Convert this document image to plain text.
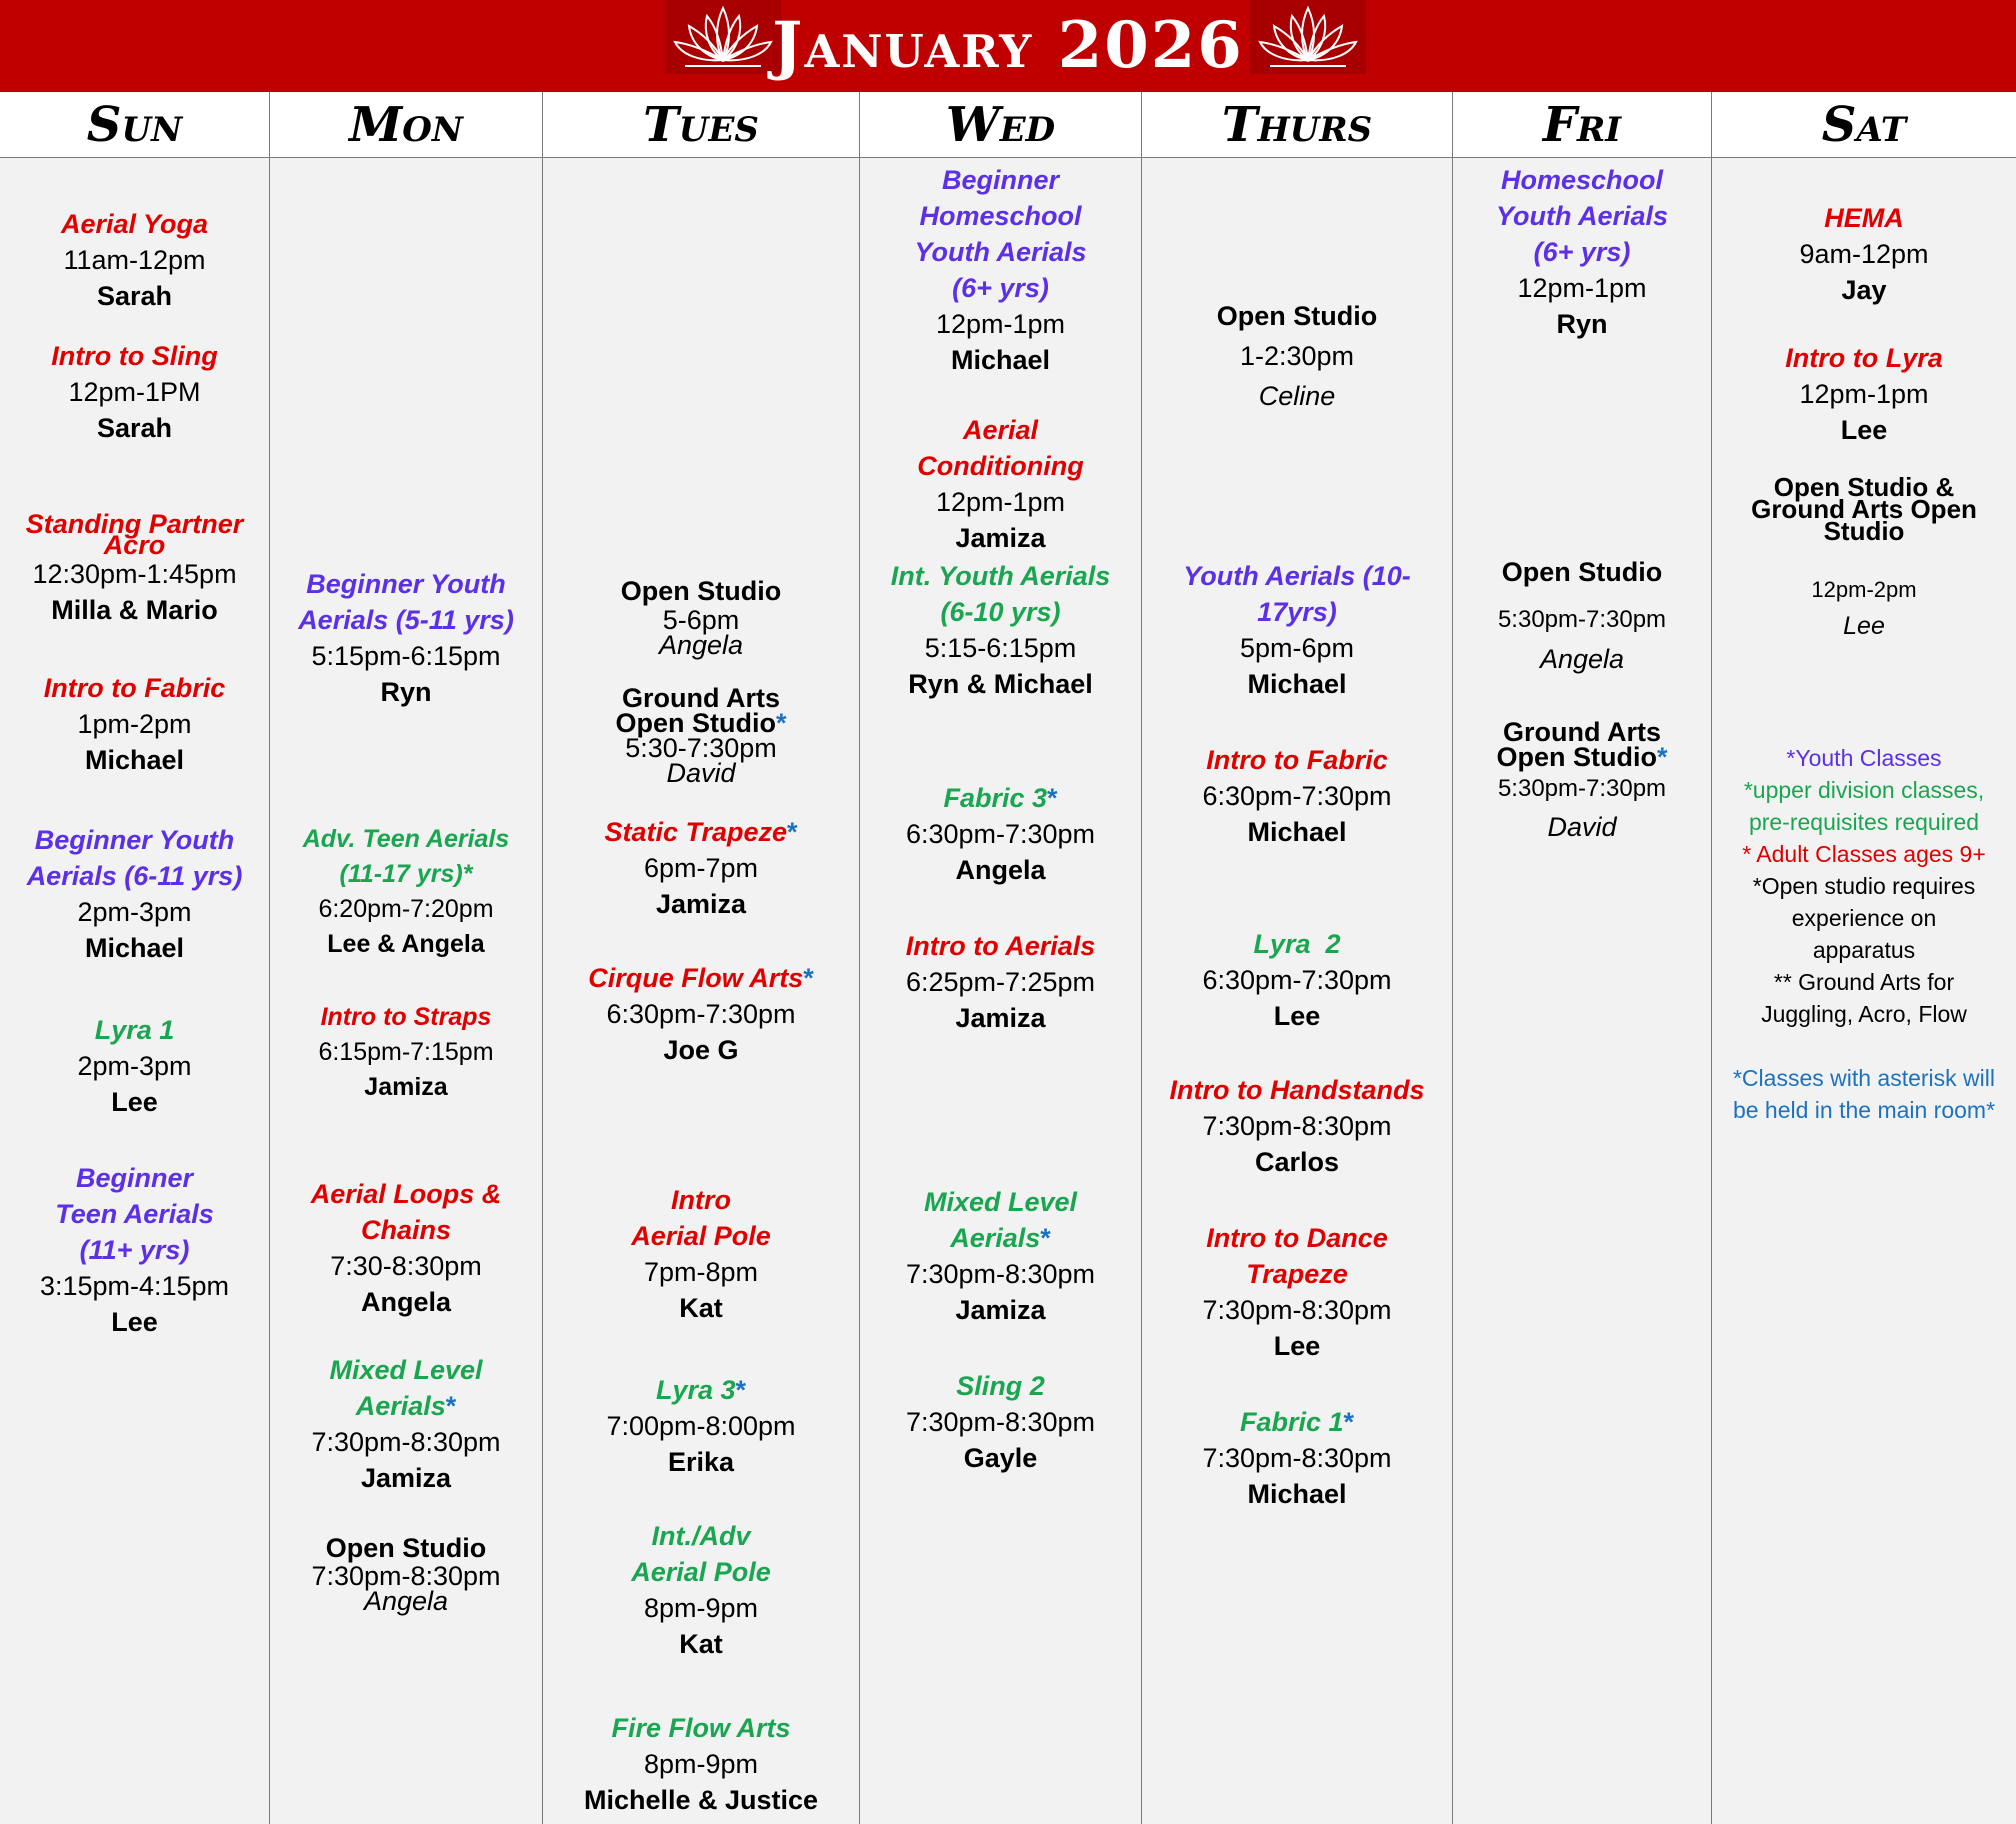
January 2026
Sun
Aerial Yoga
11am-12pm
Sarah
Intro to Sling
12pm-1PM
Sarah
Standing Partner Acro
12:30pm-1:45pm
Milla & Mario
Intro to Fabric
1pm-2pm
Michael
Beginner Youth Aerials (6-11 yrs)
2pm-3pm
Michael
Lyra 1
2pm-3pm
Lee
Beginner Teen Aerials
(11+ yrs)
3:15pm-4:15pm
Lee
Mon
Beginner Youth Aerials (5-11 yrs)
5:15pm-6:15pm
Ryn
Adv. Teen Aerials (11-17 yrs)*
6:20pm-7:20pm
Lee & Angela
Intro to Straps
6:15pm-7:15pm
Jamiza
Aerial Loops & Chains
7:30-8:30pm
Angela
Mixed Level Aerials*
7:30pm-8:30pm
Jamiza
Open Studio
7:30pm-8:30pm
Angela
Tues
Open Studio
5-6pm
Angela
Ground Arts
Open Studio*
5:30-7:30pm
David
Static Trapeze*
6pm-7pm
Jamiza
Cirque Flow Arts*
6:30pm-7:30pm
Joe G
Intro
Aerial Pole
7pm-8pm
Kat
Lyra 3*
7:00pm-8:00pm
Erika
Int./Adv
Aerial Pole
8pm-9pm
Kat
Fire Flow Arts
8pm-9pm
Michelle & Justice
Wed
Beginner Homeschool Youth Aerials
(6+ yrs)
12pm-1pm
Michael
Aerial
Conditioning
12pm-1pm
Jamiza
Int. Youth Aerials (6-10 yrs)
5:15-6:15pm
Ryn & Michael
Fabric 3*
6:30pm-7:30pm
Angela
Intro to Aerials
6:25pm-7:25pm
Jamiza
Mixed Level Aerials*
7:30pm-8:30pm
Jamiza
Sling 2
7:30pm-8:30pm
Gayle
Thurs
Open Studio
1-2:30pm
Celine
Youth Aerials (10-17yrs)
5pm-6pm
Michael
Intro to Fabric
6:30pm-7:30pm
Michael
Lyra  2
6:30pm-7:30pm
Lee
Intro to Handstands
7:30pm-8:30pm
Carlos
Intro to Dance
Trapeze
7:30pm-8:30pm
Lee
Fabric 1*
7:30pm-8:30pm
Michael
Fri
Homeschool Youth Aerials
(6+ yrs)
12pm-1pm
Ryn
Open Studio
5:30pm-7:30pm
Angela
Ground Arts
Open Studio*
5:30pm-7:30pm
David
Sat
HEMA
9am-12pm
Jay
Intro to Lyra
12pm-1pm
Lee
Open Studio & Ground Arts Open Studio
12pm-2pm
Lee
*Youth Classes
*upper division classes, pre-requisites required
* Adult Classes ages 9+
*Open studio requires experience on apparatus
** Ground Arts for Juggling, Acro, Flow
*Classes with asterisk will be held in the main room*
